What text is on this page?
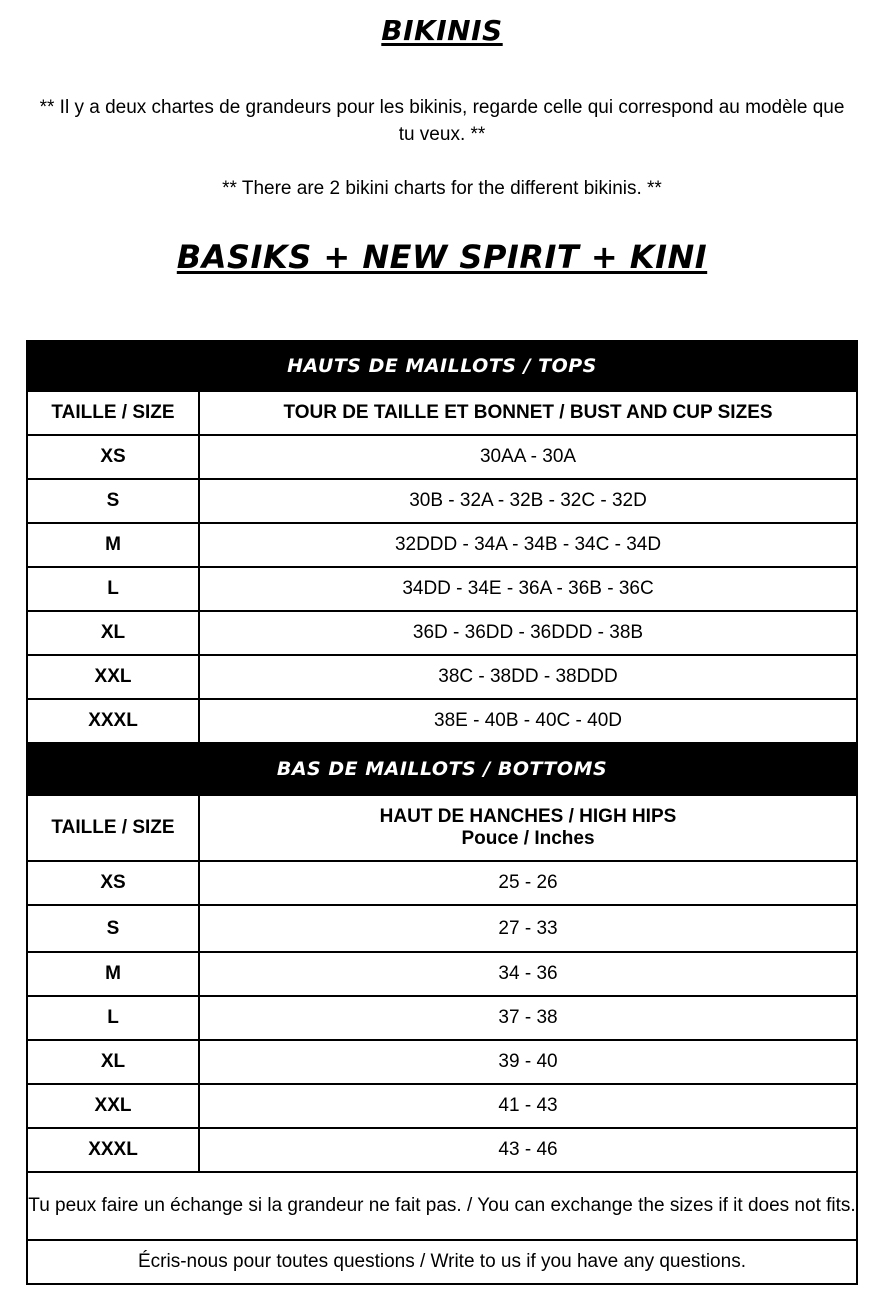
BIKINIS
** Il y a deux chartes de grandeurs pour les bikinis, regarde celle qui correspond au modèle que tu veux. **
** There are 2 bikini charts for the different bikinis. **
BASIKS + NEW SPIRIT + KINI
HAUTS DE MAILLOTS / TOPS	
TAILLE / SIZE	TOUR DE TAILLE ET BONNET / BUST AND CUP SIZES
XS	30AA - 30A
S	30B - 32A - 32B - 32C - 32D
M	32DDD - 34A - 34B - 34C - 34D
L	34DD - 34E - 36A - 36B - 36C
XL	36D - 36DD - 36DDD - 38B
XXL	38C - 38DD - 38DDD
XXXL	38E - 40B - 40C - 40D
BAS DE MAILLOTS / BOTTOMS	
TAILLE / SIZE	HAUT DE HANCHES / HIGH HIPS
Pouce / Inches

XS	25 - 26
S	27 - 33
M	34 - 36
L	37 - 38
XL	39 - 40
XXL	41 - 43
XXXL	43 - 46
Tu peux faire un échange si la grandeur ne fait pas. / You can exchange the sizes if it does not fits.	
Écris-nous pour toutes questions / Write to us if you have any questions.	
